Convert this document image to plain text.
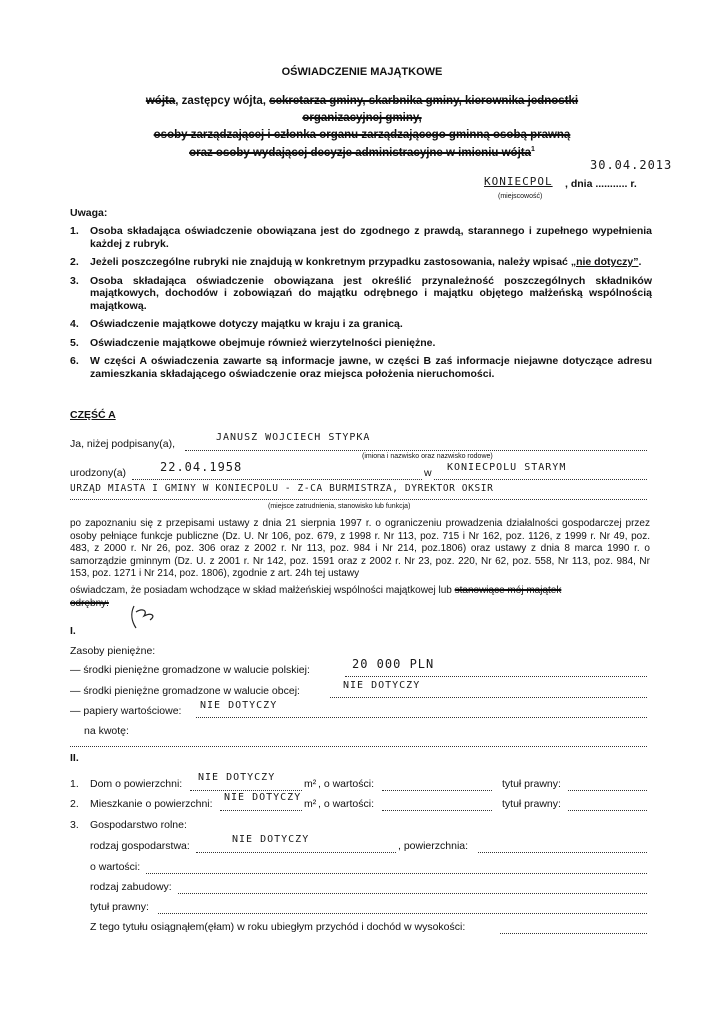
OŚWIADCZENIE MAJĄTKOWE
wójta, zastępcy wójta, sekretarza gminy, skarbnika gminy, kierownika jednostki
organizacyjnej gminy,
osoby zarządzającej i członka organu zarządzającego gminną osobą prawną
oraz osoby wydającej decyzje administracyjne w imieniu wójta$^1$
30.04.2013
KONIECPOL , dnia ........... r.
(miejscowość)
Uwaga:
1.	Osoba składająca oświadczenie obowiązana jest do zgodnego z prawdą, starannego i zupełnego wypełnienia każdej z rubryk.
2.	Jeżeli poszczególne rubryki nie znajdują w konkretnym przypadku zastosowania, należy wpisać „nie dotyczy”.
3.	Osoba składająca oświadczenie obowiązana jest określić przynależność poszczególnych składników majątkowych, dochodów i zobowiązań do majątku odrębnego i majątku objętego małżeńską wspólnością majątkową.
4.	Oświadczenie majątkowe dotyczy majątku w kraju i za granicą.
5.	Oświadczenie majątkowe obejmuje również wierzytelności pieniężne.
6.	W części A oświadczenia zawarte są informacje jawne, w części B zaś informacje niejawne dotyczące adresu zamieszkania składającego oświadczenie oraz miejsca położenia nieruchomości.
CZĘŚĆ A
Ja, niżej podpisany(a),
JANUSZ WOJCIECH STYPKA
(imiona i nazwisko oraz nazwisko rodowe)
urodzony(a)	22.04.1958	w KONIECPOLU STARYM
URZĄD MIASTA I GMINY W KONIECPOLU - Z-CA BURMISTRZA, DYREKTOR OKSIR
(miejsce zatrudnienia, stanowisko lub funkcja)
po zapoznaniu się z przepisami ustawy z dnia 21 sierpnia 1997 r. o ograniczeniu prowadzenia działalności gospodarczej przez osoby pełniące funkcje publiczne (Dz. U. Nr 106, poz. 679, z 1998 r. Nr 113, poz. 715 i Nr 162, poz. 1126, z 1999 r. Nr 49, poz. 483, z 2000 r. Nr 26, poz. 306 oraz z 2002 r. Nr 113, poz. 984 i Nr 214, poz.1806) oraz ustawy z dnia 8 marca 1990 r. o samorządzie gminnym (Dz. U. z 2001 r. Nr 142, poz. 1591 oraz z 2002 r. Nr 23, poz. 220, Nr 62, poz. 558, Nr 113, poz. 984, Nr 153, poz. 1271 i Nr 214, poz. 1806), zgodnie z art. 24h tej ustawy
oświadczam, że posiadam wchodzące w skład małżeńskiej wspólności majątkowej lub stanowiące mój majątek
odrębny:
I.
Zasoby pieniężne:
— środki pieniężne gromadzone w walucie polskiej:	20 000 PLN
— środki pieniężne gromadzone w walucie obcej:	NIE DOTYCZY
— papiery wartościowe: NIE DOTYCZY
na kwotę:
II.
1. Dom o powierzchni:
NIE DOTYCZY
m² , o wartości:	tytuł prawny:
2. Mieszkanie o powierzchni:
NIE DOTYCZY
m² , o wartości:	tytuł prawny:
3. Gospodarstwo rolne:
rodzaj gospodarstwa:
NIE DOTYCZY
, powierzchnia:
o wartości:
rodzaj zabudowy:
tytuł prawny:
Z tego tytułu osiągnąłem(ęłam) w roku ubiegłym przychód i dochód w wysokości:
